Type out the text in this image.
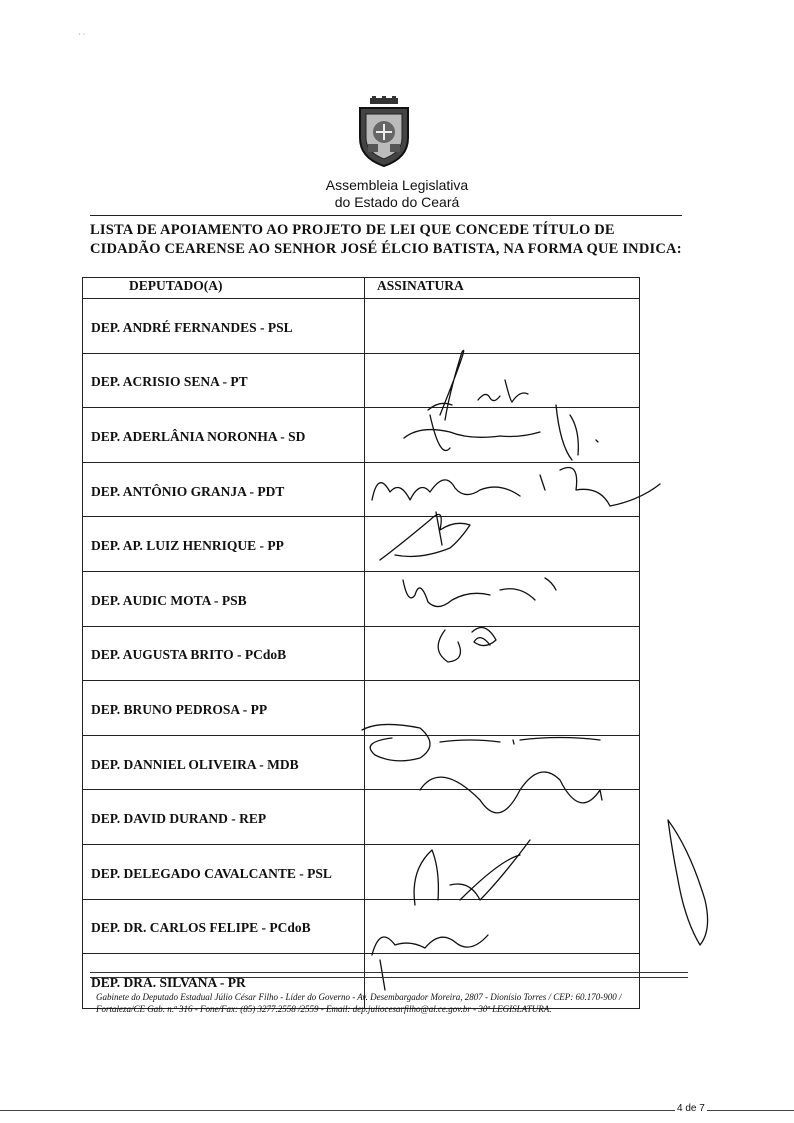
· ·
Assembleia Legislativa
do Estado do Ceará
LISTA DE APOIAMENTO AO PROJETO DE LEI QUE CONCEDE TÍTULO DE
CIDADÃO CEARENSE AO SENHOR JOSÉ ÉLCIO BATISTA, NA FORMA QUE INDICA:
DEPUTADO(A)	ASSINATURA
DEP. ANDRÉ FERNANDES - PSL	
DEP. ACRISIO SENA - PT	
DEP. ADERLÂNIA NORONHA - SD	
DEP. ANTÔNIO GRANJA - PDT	
DEP. AP. LUIZ HENRIQUE - PP	
DEP. AUDIC MOTA - PSB	
DEP. AUGUSTA BRITO - PCdoB	
DEP. BRUNO PEDROSA - PP	
DEP. DANNIEL OLIVEIRA - MDB	
DEP. DAVID DURAND - REP	
DEP. DELEGADO CAVALCANTE - PSL	
DEP. DR. CARLOS FELIPE - PCdoB	
DEP. DRA. SILVANA - PR	
Gabinete do Deputado Estadual Júlio César Filho - Líder do Governo - Av. Desembargador Moreira, 2807 - Dionísio Torres / CEP: 60.170-900 /
Fortaleza/CE Gab. n.º 316 - Fone/Fax: (85) 3277.2558 /2559 - Email: dep.juliocesarfilho@al.ce.gov.br - 30ª LEGISLATURA.
4 de 7
